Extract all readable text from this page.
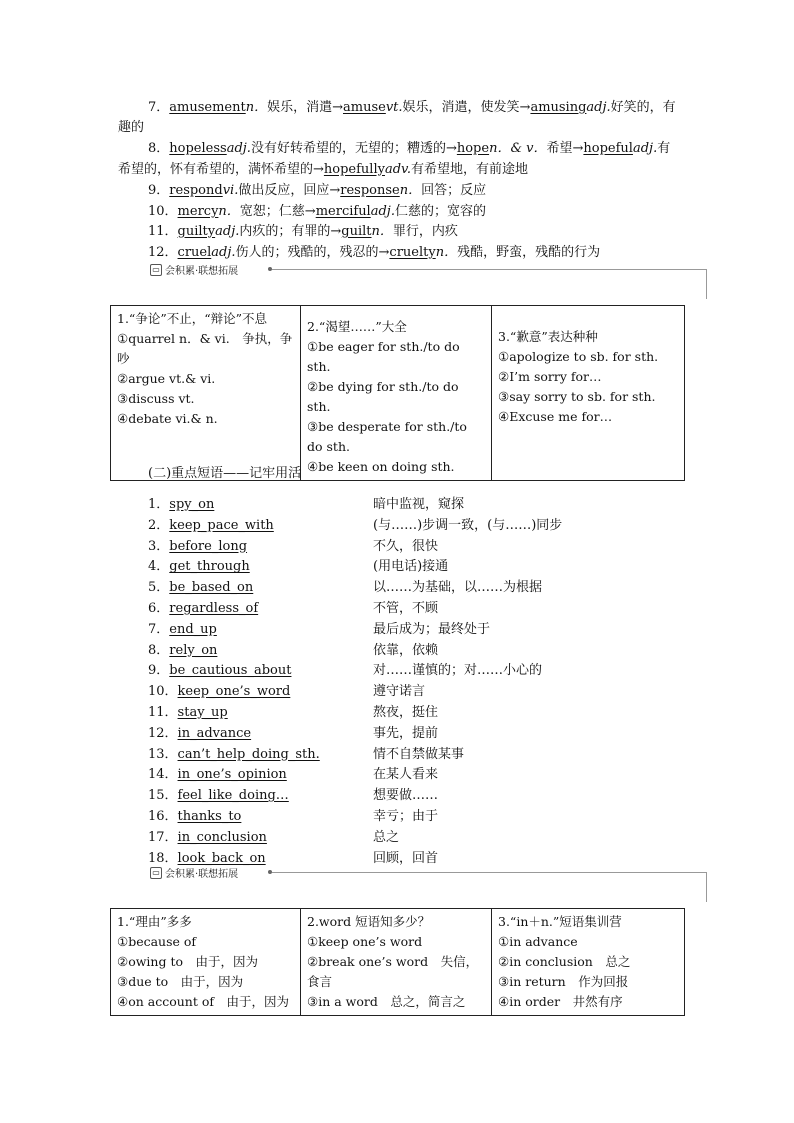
7．amusementn．娱乐，消遣→amusevt.娱乐，消遣，使发笑→amusingadj.好笑的，有
趣的
8．hopelessadj.没有好转希望的，无望的；糟透的→hopen．& v．希望→hopefuladj.有
希望的，怀有希望的，满怀希望的→hopefullyadv.有希望地，有前途地
9．respondvi.做出反应，回应→responsen．回答；反应
10．mercyn．宽恕；仁慈→mercifuladj.仁慈的；宽容的
11．guiltyadj.内疚的；有罪的→guiltn．罪行，内疚
12．crueladj.伤人的；残酷的，残忍的→crueltyn．残酷，野蛮，残酷的行为
▭ 会积累·联想拓展
1.“争论”不止，“辩论”不息
①quarrel n．& vi.　争执，争吵
②argue vt.& vi.
③discuss vt.
④debate vi.& n.

2.“渴望……”大全
①be eager for sth./to do sth.
②be dying for sth./to do sth.
③be desperate for sth./to do sth.
④be keen on doing sth.

3.“歉意”表达种种
①apologize to sb. for sth.
②I’m sorry for…
③say sorry to sb. for sth.
④Excuse me for…
(二)重点短语——记牢用活
1．spy_on	暗中监视，窥探
2．keep_pace_with	(与……)步调一致，(与……)同步
3．before_long	不久，很快
4．get_through	(用电话)接通
5．be_based_on	以……为基础，以……为根据
6．regardless_of	不管，不顾
7．end_up	最后成为；最终处于
8．rely_on	依靠，依赖
9．be_cautious_about	对……谨慎的；对……小心的
10．keep_one’s_word	遵守诺言
11．stay_up	熬夜，挺住
12．in_advance	事先，提前
13．can’t_help_doing_sth.	情不自禁做某事
14．in_one’s_opinion	在某人看来
15．feel_like_doing…	想要做……
16．thanks_to	幸亏；由于
17．in_conclusion	总之
18．look_back_on	回顾，回首
▭ 会积累·联想拓展
1.“理由”多多
①because of
②owing to　由于，因为
③due to　由于，因为
④on account of　由于，因为

2.word 短语知多少？
①keep one’s word
②break one’s word　失信，食言
③in a word　总之，简言之

3.“in＋n.”短语集训营
①in advance
②in conclusion　总之
③in return　作为回报
④in order　井然有序
